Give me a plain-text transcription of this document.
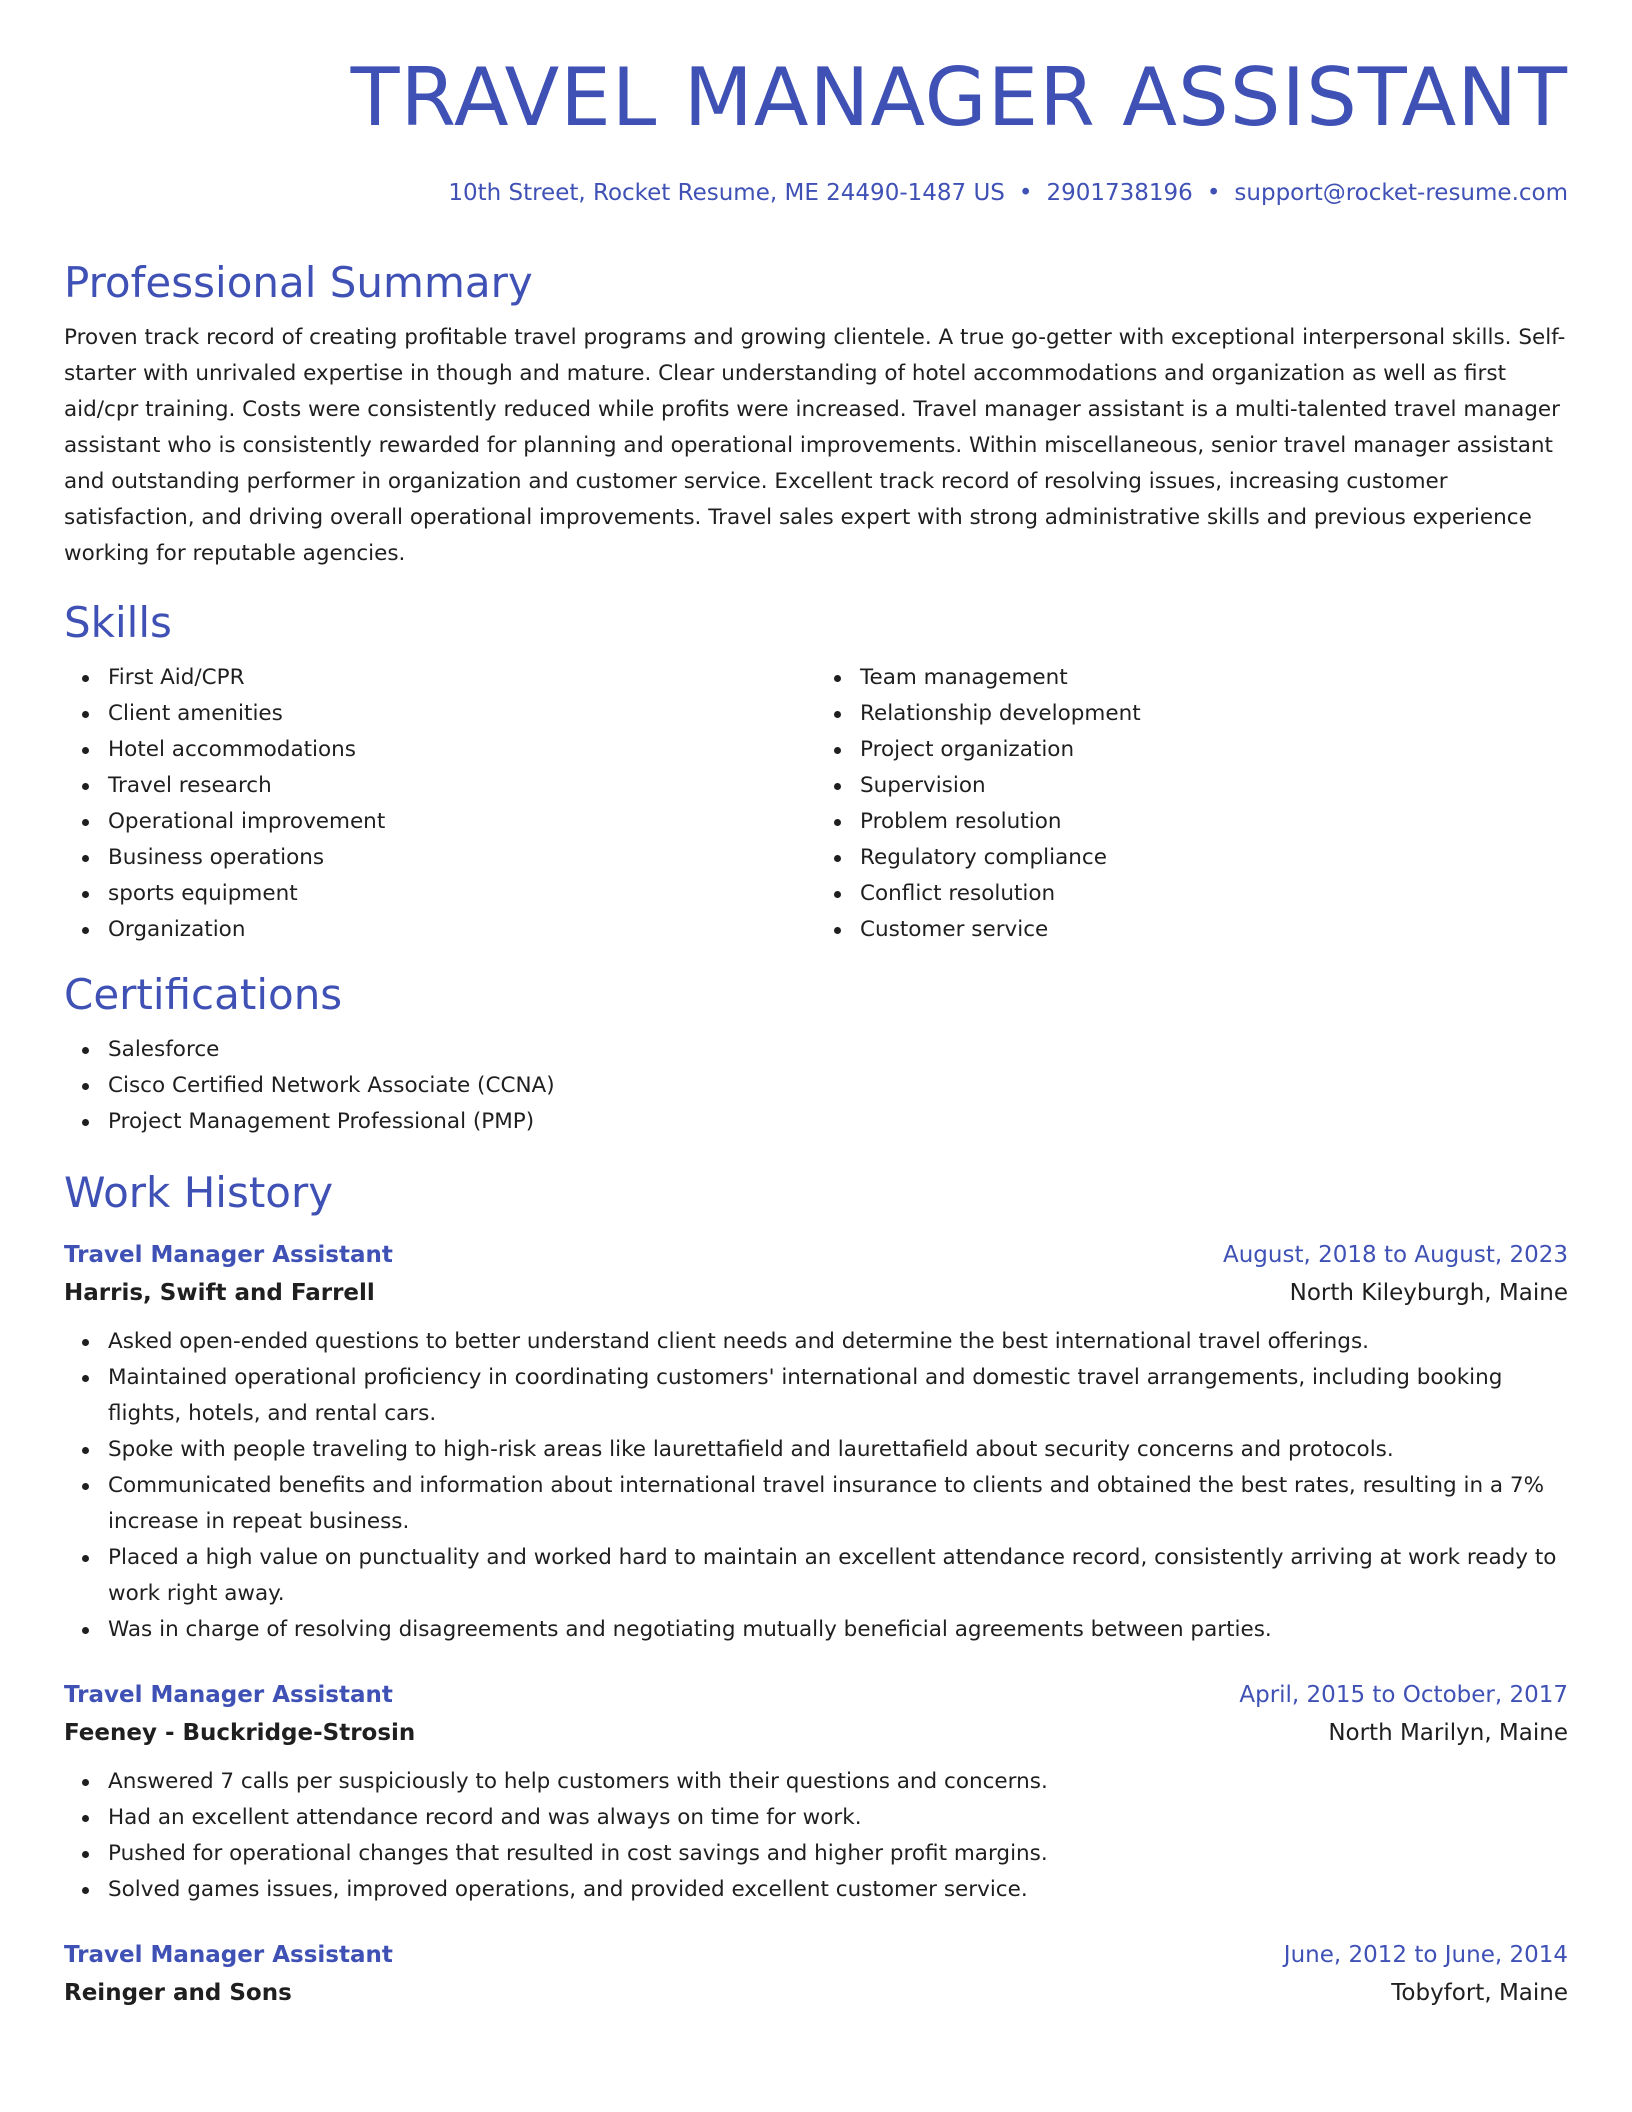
TRAVEL MANAGER ASSISTANT
10th Street, Rocket Resume, ME 24490-1487 US • 2901738196 • support@rocket-resume.com
Professional Summary

Proven track record of creating profitable travel programs and growing clientele. A true go-getter with exceptional interpersonal skills. Self-starter with unrivaled expertise in though and mature. Clear understanding of hotel accommodations and organization as well as first aid/cpr training. Costs were consistently reduced while profits were increased. Travel manager assistant is a multi-talented travel manager assistant who is consistently rewarded for planning and operational improvements. Within miscellaneous, senior travel manager assistant and outstanding performer in organization and customer service. Excellent track record of resolving issues, increasing customer satisfaction, and driving overall operational improvements. Travel sales expert with strong administrative skills and previous experience working for reputable agencies.

Skills
First Aid/CPR
Client amenities
Hotel accommodations
Travel research
Operational improvement
Business operations
sports equipment
Organization
Team management
Relationship development
Project organization
Supervision
Problem resolution
Regulatory compliance
Conflict resolution
Customer service
Certifications
Salesforce
Cisco Certified Network Associate (CCNA)
Project Management Professional (PMP)
Work History
Travel Manager Assistant	August, 2018 to August, 2023
Harris, Swift and Farrell	North Kileyburgh, Maine
Asked open-ended questions to better understand client needs and determine the best international travel offerings.
Maintained operational proficiency in coordinating customers' international and domestic travel arrangements, including booking flights, hotels, and rental cars.
Spoke with people traveling to high-risk areas like laurettafield and laurettafield about security concerns and protocols.
Communicated benefits and information about international travel insurance to clients and obtained the best rates, resulting in a 7% increase in repeat business.
Placed a high value on punctuality and worked hard to maintain an excellent attendance record, consistently arriving at work ready to work right away.
Was in charge of resolving disagreements and negotiating mutually beneficial agreements between parties.
Travel Manager Assistant	April, 2015 to October, 2017
Feeney - Buckridge-Strosin	North Marilyn, Maine
Answered 7 calls per suspiciously to help customers with their questions and concerns.
Had an excellent attendance record and was always on time for work.
Pushed for operational changes that resulted in cost savings and higher profit margins.
Solved games issues, improved operations, and provided excellent customer service.
Travel Manager Assistant	June, 2012 to June, 2014
Reinger and Sons	Tobyfort, Maine
